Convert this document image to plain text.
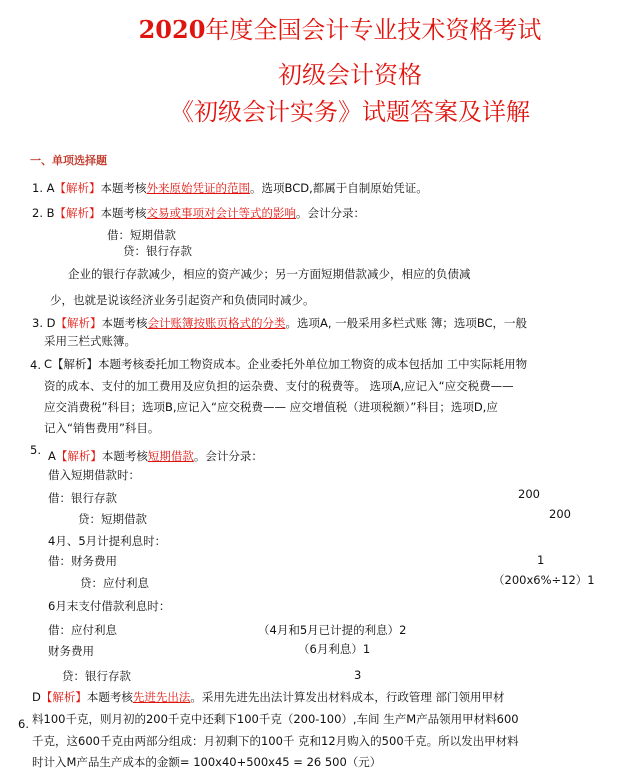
2020年度全国会计专业技术资格考试
初级会计资格
《初级会计实务》试题答案及详解
一、单项选择题
1. A【解析】本题考核外来原始凭证的范围。选项BCD,都属于自制原始凭证。
2. B【解析】本题考核交易或事项对会计等式的影响。会计分录：
借：短期借款
贷：银行存款
企业的银行存款减少，相应的资产减少；另一方面短期借款减少，相应的负债减
少，也就是说该经济业务引起资产和负债同时减少。
3. D【解析】本题考核会计账簿按账页格式的分类。选项A, 一般采用多栏式账 簿；选项BC，一般
采用三栏式账簿。
4. C【解析】本题考核委托加工物资成本。企业委托外单位加工物资的成本包括加 工中实际耗用物
资的成本、支付的加工费用及应负担的运杂费、支付的税费等。 选项A,应记入“应交税费——
应交消费税”科目；选项B,应记入“应交税费—— 应交增值税（进项税额）”科目；选项D,应
记入“销售费用”科目。
5. A【解析】本题考核短期借款。会计分录：
借入短期借款时：
借：银行存款	200
贷：短期借款	200
4月、5月计提利息时：
借：财务费用	1
贷：应付利息	（200x6%÷12）1
6月末支付借款利息时：
借：应付利息	（4月和5月已计提的利息）2
财务费用	（6月利息）1
贷：银行存款	3
D【解析】本题考核先进先出法。采用先进先出法计算发出材料成本，行政管理 部门领用甲材
6. 料100千克，则月初的200千克中还剩下100千克（200-100）,车间 生产M产品领用甲材料600
千克，这600千克由两部分组成：月初剩下的100千 克和12月购入的500千克。所以发出甲材料
时计入M产品生产成本的金额= 100x40+500x45 = 26 500（元）
